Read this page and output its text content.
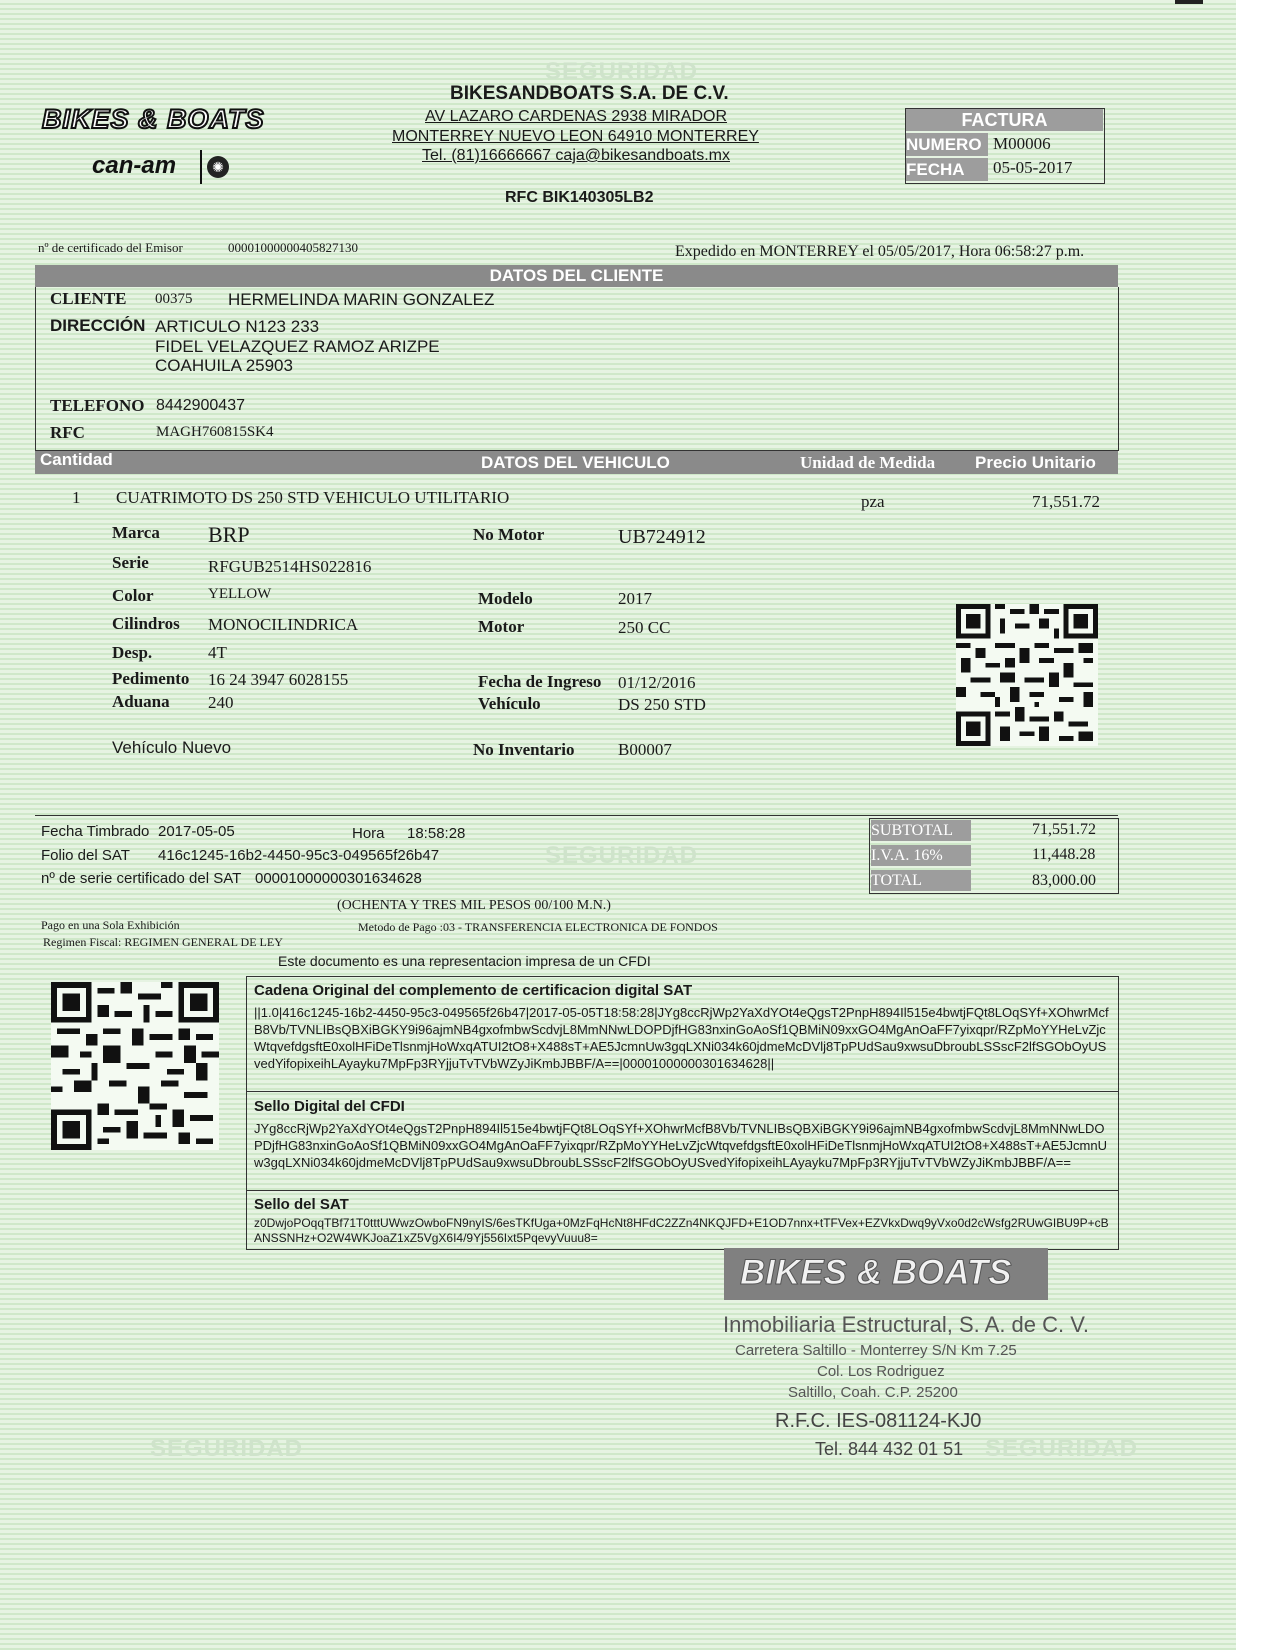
SEGURIDAD
SEGURIDAD
SEGURIDAD	SEGURIDAD
BIKES & BOATS
can-am	✺
BIKESANDBOATS S.A. DE C.V.
AV LAZARO CARDENAS 2938 MIRADOR
MONTERREY NUEVO LEON 64910 MONTERREY
Tel. (81)16666667 caja@bikesandboats.mx
RFC BIK140305LB2
FACTURA
NUMERO M00006
FECHA	05-05-2017
nº de certificado del Emisor	00001000000405827130	Expedido en MONTERREY el 05/05/2017, Hora 06:58:27 p.m.
DATOS DEL CLIENTE
CLIENTE 00375 HERMELINDA MARIN GONZALEZ
DIRECCIÓN ARTICULO N123 233
FIDEL VELAZQUEZ RAMOZ ARIZPE
COAHUILA 25903
TELEFONO 8442900437
RFC	MAGH760815SK4
Cantidad	DATOS DEL VEHICULO	Unidad de Medida Precio Unitario
1 CUATRIMOTO DS 250 STD VEHICULO UTILITARIO	pza	71,551.72
Marca BRP
Serie	RFGUB2514HS022816
Color	YELLOW
Cilindros MONOCILINDRICA
Desp.	4T
Pedimento 16 24 3947 6028155
Aduana 240
Vehículo Nuevo
No Motor	UB724912
Modelo	2017
Motor	250 CC
Fecha de Ingreso 01/12/2016
Vehículo	DS 250 STD
No Inventario	B00007
Fecha Timbrado 2017-05-05	Hora 18:58:28
Folio del SAT 416c1245-16b2-4450-95c3-049565f26b47
nº de serie certificado del SAT 00001000000301634628
SUBTOTAL	71,551.72
I.V.A. 16%	11,448.28
TOTAL	83,000.00
(OCHENTA Y TRES MIL PESOS 00/100 M.N.)
Pago en una Sola Exhibición	Metodo de Pago :03 - TRANSFERENCIA ELECTRONICA DE FONDOS
Regimen Fiscal: REGIMEN GENERAL DE LEY
Este documento es una representacion impresa de un CFDI
Cadena Original del complemento de certificacion digital SAT
||1.0|416c1245-16b2-4450-95c3-049565f26b47|2017-05-05T18:58:28|JYg8ccRjWp2YaXdYOt4eQgsT2PnpH894Il515e4bwtjFQt8LOqSYf+XOhwrMcfB8Vb/TVNLIBsQBXiBGKY9i96ajmNB4gxofmbwScdvjL8MmNNwLDOPDjfHG83nxinGoAoSf1QBMiN09xxGO4MgAnOaFF7yixqpr/RZpMoYYHeLvZjcWtqvefdgsftE0xolHFiDeTlsnmjHoWxqATUI2tO8+X488sT+AE5JcmnUw3gqLXNi034k60jdmeMcDVlj8TpPUdSau9xwsuDbroubLSSscF2lfSGObOyUSvedYifopixeihLAyayku7MpFp3RYjjuTvTVbWZyJiKmbJBBF/A==|00001000000301634628||
Sello Digital del CFDI
JYg8ccRjWp2YaXdYOt4eQgsT2PnpH894Il515e4bwtjFQt8LOqSYf+XOhwrMcfB8Vb/TVNLIBsQBXiBGKY9i96ajmNB4gxofmbwScdvjL8MmNNwLDOPDjfHG83nxinGoAoSf1QBMiN09xxGO4MgAnOaFF7yixqpr/RZpMoYYHeLvZjcWtqvefdgsftE0xolHFiDeTlsnmjHoWxqATUI2tO8+X488sT+AE5JcmnUw3gqLXNi034k60jdmeMcDVlj8TpPUdSau9xwsuDbroubLSSscF2lfSGObOyUSvedYifopixeihLAyayku7MpFp3RYjjuTvTVbWZyJiKmbJBBF/A==
Sello del SAT
z0DwjoPOqqTBf71T0tttUWwzOwboFN9nyIS/6esTKfUga+0MzFqHcNt8HFdC2ZZn4NKQJFD+E1OD7nnx+tTFVex+EZVkxDwq9yVxo0d2cWsfg2RUwGIBU9P+cBANSSNHz+O2W4WKJoaZ1xZ5VgX6I4/9Yj556Ixt5PqevyVuuu8=
BIKES & BOATS
Inmobiliaria Estructural, S. A. de C. V.
Carretera Saltillo - Monterrey S/N Km 7.25
Col. Los Rodriguez
Saltillo, Coah. C.P. 25200
R.F.C. IES-081124-KJ0
Tel. 844 432 01 51
